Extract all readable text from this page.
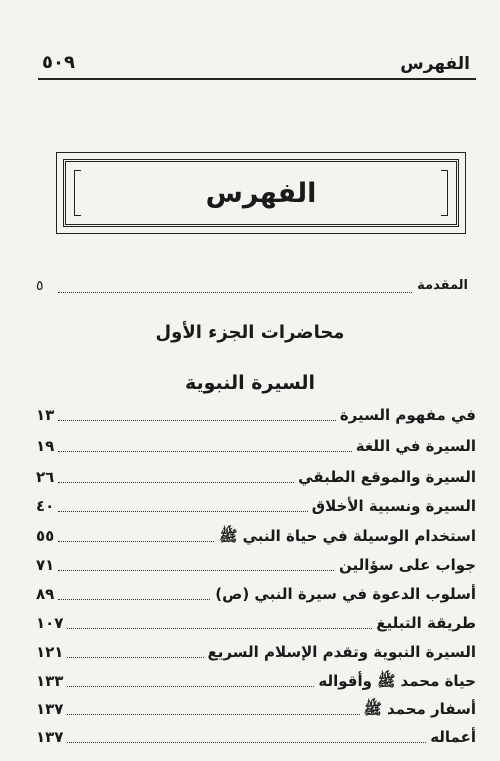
الفهرس
٥٠٩
الفهرس
المقدمة
٥
محاضرات الجزء الأول
السيرة النبوية
في مفهوم السيرة
١٣
السيرة في اللغة
١٩
السيرة والموقع الطبقي
٢٦
السيرة ونسبية الأخلاق
٤٠
استخدام الوسيلة في حياة النبي ﷺ
٥٥
جواب على سؤالين
٧١
أسلوب الدعوة في سيرة النبي (ص)
٨٩
طريقة التبليغ
١٠٧
السيرة النبوية وتقدم الإسلام السريع
١٢١
حياة محمد ﷺ وأقواله
١٣٣
أسفار محمد ﷺ
١٣٧
أعماله
١٣٧
